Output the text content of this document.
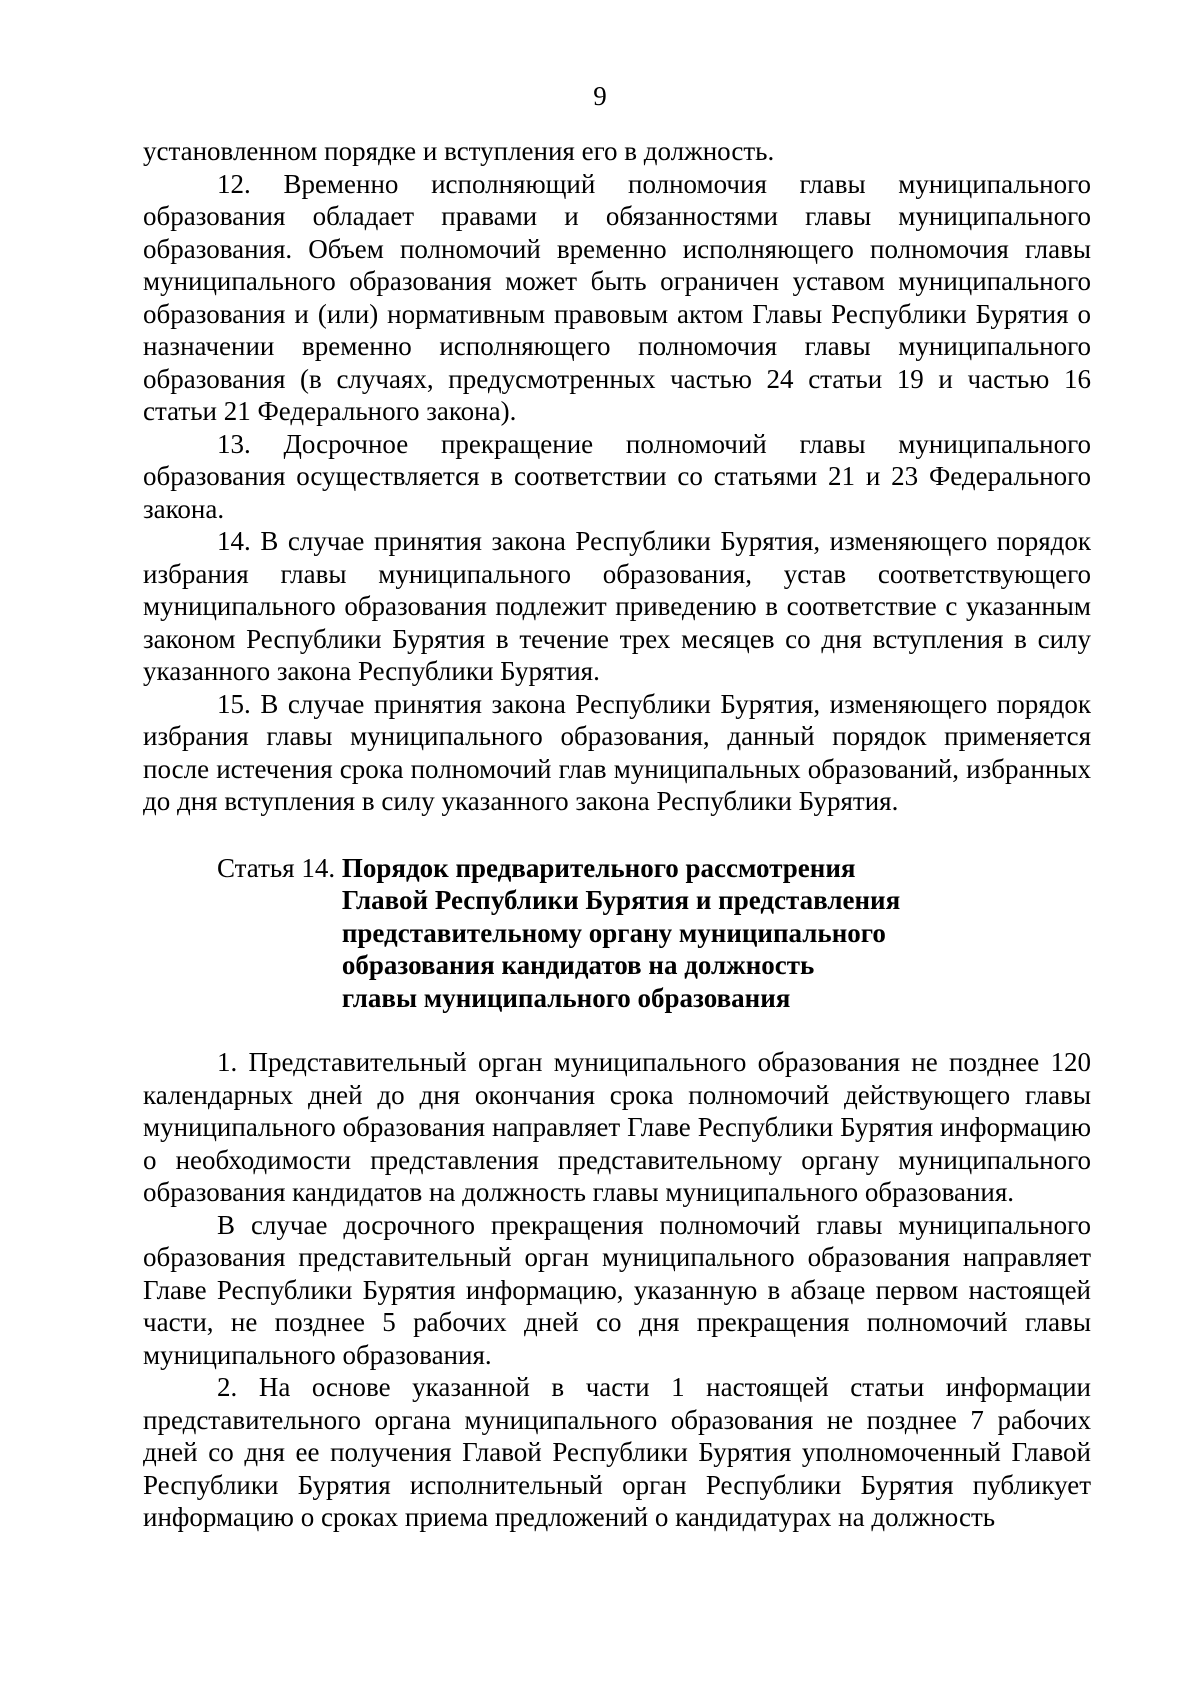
9

установленном порядке и вступления его в должность.

12. Временно исполняющий полномочия главы муниципального образования обладает правами и обязанностями главы муниципального образования. Объем полномочий временно исполняющего полномочия главы муниципального образования может быть ограничен уставом муниципального образования и (или) нормативным правовым актом Главы Республики Бурятия о назначении временно исполняющего полномочия главы муниципального образования (в случаях, предусмотренных частью 24 статьи 19 и частью 16 статьи 21 Федерального закона).

13. Досрочное прекращение полномочий главы муниципального образования осуществляется в соответствии со статьями 21 и 23 Федерального закона.

14. В случае принятия закона Республики Бурятия, изменяющего порядок избрания главы муниципального образования, устав соответствующего муниципального образования подлежит приведению в соответствие с указанным законом Республики Бурятия в течение трех месяцев со дня вступления в силу указанного закона Республики Бурятия.

15. В случае принятия закона Республики Бурятия, изменяющего порядок избрания главы муниципального образования, данный порядок применяется после истечения срока полномочий глав муниципальных образований, избранных до дня вступления в силу указанного закона Республики Бурятия.

Статья 14. Порядок предварительного рассмотрения
Главой Республики Бурятия и представления
представительному органу муниципального
образования кандидатов на должность
главы муниципального образования

1. Представительный орган муниципального образования не позднее 120 календарных дней до дня окончания срока полномочий действующего главы муниципального образования направляет Главе Республики Бурятия информацию о необходимости представления представительному органу муниципального образования кандидатов на должность главы муниципального образования.

В случае досрочного прекращения полномочий главы муниципального образования представительный орган муниципального образования направляет Главе Республики Бурятия информацию, указанную в абзаце первом настоящей части, не позднее 5 рабочих дней со дня прекращения полномочий главы муниципального образования.

2. На основе указанной в части 1 настоящей статьи информации представительного органа муниципального образования не позднее 7 рабочих дней со дня ее получения Главой Республики Бурятия уполномоченный Главой Республики Бурятия исполнительный орган Республики Бурятия публикует информацию о сроках приема предложений о кандидатурах на должность
